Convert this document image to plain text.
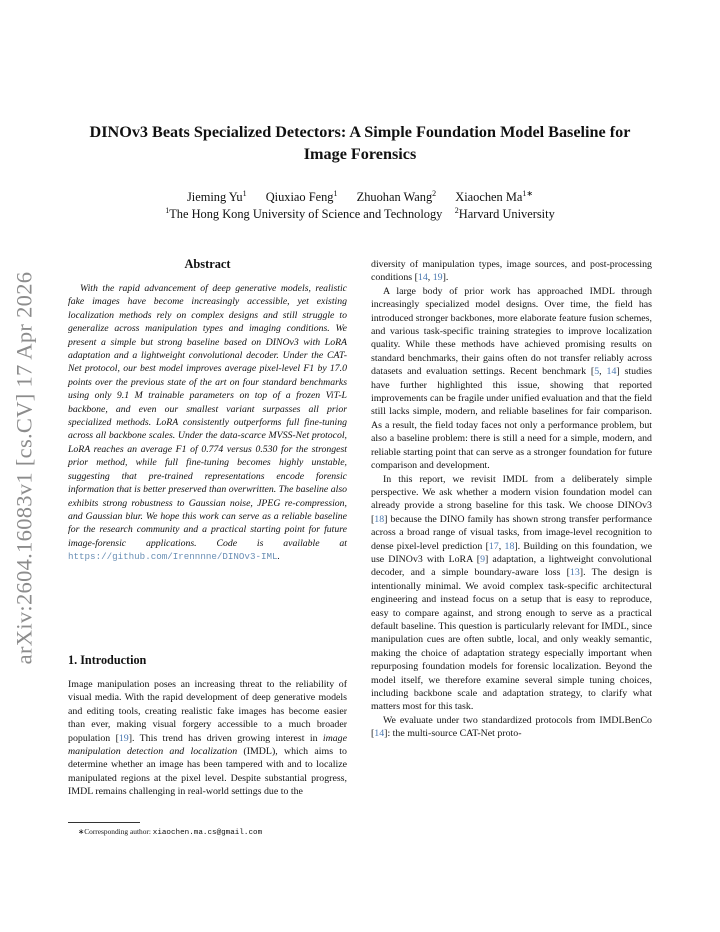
arXiv:2604.16083v1 [cs.CV] 17 Apr 2026
DINOv3 Beats Specialized Detectors: A Simple Foundation Model Baseline for
Image Forensics
Jieming Yu$^1$ Qiuxiao Feng$^1$ Zhuohan Wang$^2$ Xiaochen $Ma^{1∗}$
$^1$The Hong Kong University of Science and Technology $^2$Harvard University
Abstract

With the rapid advancement of deep generative models, realistic fake images have become increasingly accessible, yet existing localization methods rely on complex designs and still struggle to generalize across manipulation types and imaging conditions. We present a simple but strong baseline based on DINOv3 with LoRA adaptation and a lightweight convolutional decoder. Under the CAT-Net protocol, our best model improves average pixel-level F1 by 17.0 points over the previous state of the art on four standard benchmarks using only 9.1 M trainable parameters on top of a frozen ViT-L backbone, and even our smallest variant surpasses all prior specialized methods. LoRA consistently outperforms full fine-tuning across all backbone scales. Under the data-scarce MVSS-Net protocol, LoRA reaches an average F1 of 0.774 versus 0.530 for the strongest prior method, while full fine-tuning becomes highly unstable, suggesting that pre-trained representations encode forensic information that is better preserved than overwritten. The baseline also exhibits strong robustness to Gaussian noise, JPEG re-compression, and Gaussian blur. We hope this work can serve as a reliable baseline for the research community and a practical starting point for future image-forensic applications. Code is available at https://github.com/Irennnne/DINOv3-IML.

1. Introduction

Image manipulation poses an increasing threat to the reliability of visual media. With the rapid development of deep generative models and editing tools, creating realistic fake images has become easier than ever, making visual forgery accessible to a much broader population [19]. This trend has driven growing interest in image manipulation detection and localization (IMDL), which aims to determine whether an image has been tampered with and to localize manipulated regions at the pixel level. Despite substantial progress, IMDL remains challenging in real-world settings due to the

∗Corresponding author: xiaochen.ma.cs@gmail.com

diversity of manipulation types, image sources, and post-processing conditions [14, 19].

A large body of prior work has approached IMDL through increasingly specialized model designs. Over time, the field has introduced stronger backbones, more elaborate feature fusion schemes, and various task-specific training strategies to improve localization quality. While these methods have achieved promising results on standard benchmarks, their gains often do not transfer reliably across datasets and evaluation settings. Recent benchmark [5, 14] studies have further highlighted this issue, showing that reported improvements can be fragile under unified evaluation and that the field still lacks simple, modern, and reliable baselines for fair comparison. As a result, the field today faces not only a performance problem, but also a baseline problem: there is still a need for a simple, modern, and reliable starting point that can serve as a stronger foundation for future comparison and development.

In this report, we revisit IMDL from a deliberately simple perspective. We ask whether a modern vision foundation model can already provide a strong baseline for this task. We choose DINOv3 [18] because the DINO family has shown strong transfer performance across a broad range of visual tasks, from image-level recognition to dense pixel-level prediction [17, 18]. Building on this foundation, we use DINOv3 with LoRA [9] adaptation, a lightweight convolutional decoder, and a simple boundary-aware loss [13]. The design is intentionally minimal. We avoid complex task-specific architectural engineering and instead focus on a setup that is easy to reproduce, easy to compare against, and strong enough to serve as a practical default baseline. This question is particularly relevant for IMDL, since manipulation cues are often subtle, local, and only weakly semantic, making the choice of adaptation strategy especially important when repurposing foundation models for forensic localization. Beyond the model itself, we therefore examine several simple tuning choices, including backbone scale and adaptation strategy, to clarify what matters most for this task.

We evaluate under two standardized protocols from IMDLBenCo [14]: the multi-source CAT-Net proto-
